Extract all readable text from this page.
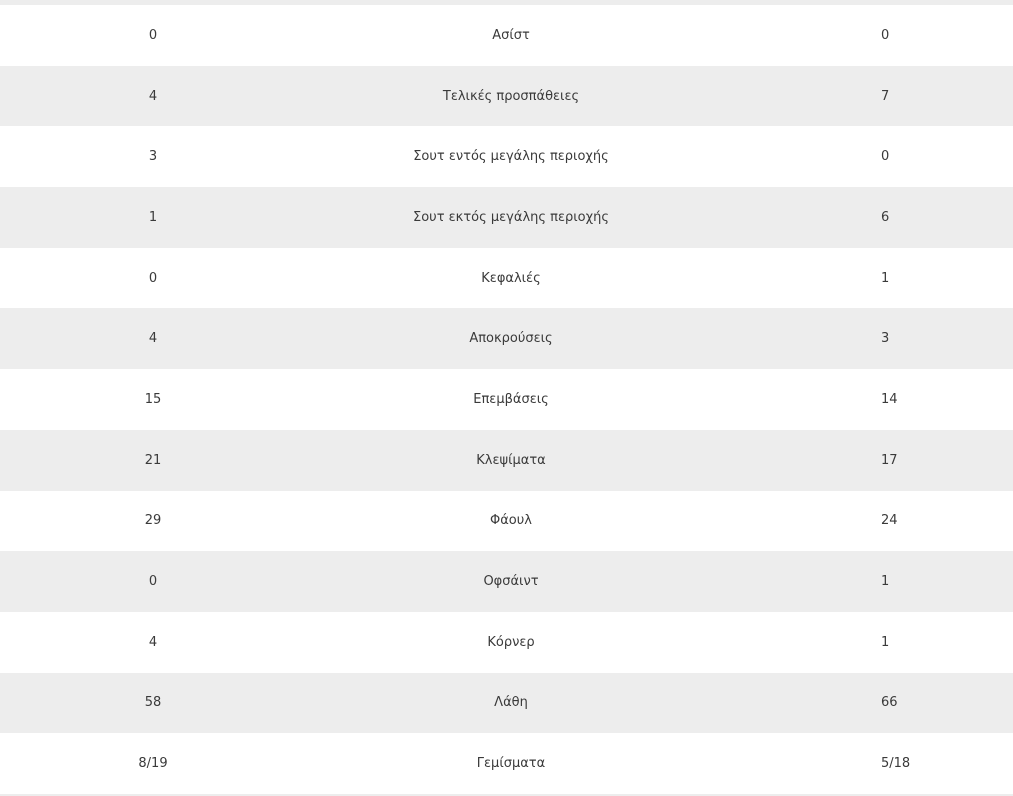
0	Ασίστ	0
4	Τελικές προσπάθειες	7
3	Σουτ εντός μεγάλης περιοχής	0
1	Σουτ εκτός μεγάλης περιοχής	6
0	Κεφαλιές	1
4	Αποκρούσεις	3
15	Επεμβάσεις	14
21	Κλεψίματα	17
29	Φάουλ	24
0	Οφσάιντ	1
4	Κόρνερ	1
58	Λάθη	66
8/19	Γεμίσματα	5/18
